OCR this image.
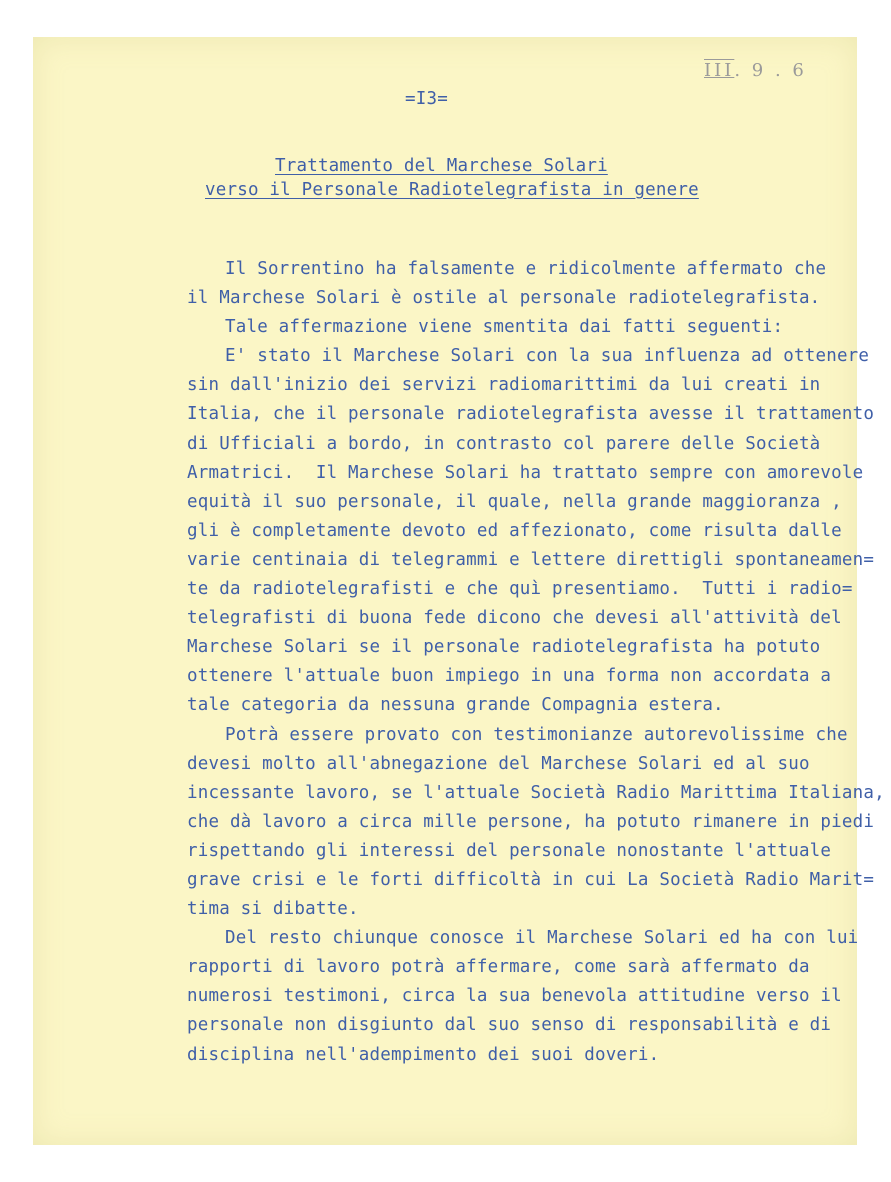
III. 9 . 6
=I3=
Trattamento del Marchese Solari
verso il Personale Radiotelegrafista in genere
Il Sorrentino ha falsamente e ridicolmente affermato che
il Marchese Solari è ostile al personale radiotelegrafista.
Tale affermazione viene smentita dai fatti seguenti:
E' stato il Marchese Solari con la sua influenza ad ottenere
sin dall'inizio dei servizi radiomarittimi da lui creati in
Italia, che il personale radiotelegrafista avesse il trattamento
di Ufficiali a bordo, in contrasto col parere delle Società
Armatrici.  Il Marchese Solari ha trattato sempre con amorevole
equità il suo personale, il quale, nella grande maggioranza ,
gli è completamente devoto ed affezionato, come risulta dalle
varie centinaia di telegrammi e lettere direttigli spontaneamen=
te da radiotelegrafisti e che quì presentiamo.  Tutti i radio=
telegrafisti di buona fede dicono che devesi all'attività del
Marchese Solari se il personale radiotelegrafista ha potuto
ottenere l'attuale buon impiego in una forma non accordata a
tale categoria da nessuna grande Compagnia estera.
Potrà essere provato con testimonianze autorevolissime che
devesi molto all'abnegazione del Marchese Solari ed al suo
incessante lavoro, se l'attuale Società Radio Marittima Italiana,
che dà lavoro a circa mille persone, ha potuto rimanere in piedi
rispettando gli interessi del personale nonostante l'attuale
grave crisi e le forti difficoltà in cui La Società Radio Marit=
tima si dibatte.
Del resto chiunque conosce il Marchese Solari ed ha con lui
rapporti di lavoro potrà affermare, come sarà affermato da
numerosi testimoni, circa la sua benevola attitudine verso il
personale non disgiunto dal suo senso di responsabilità e di
disciplina nell'adempimento dei suoi doveri.
